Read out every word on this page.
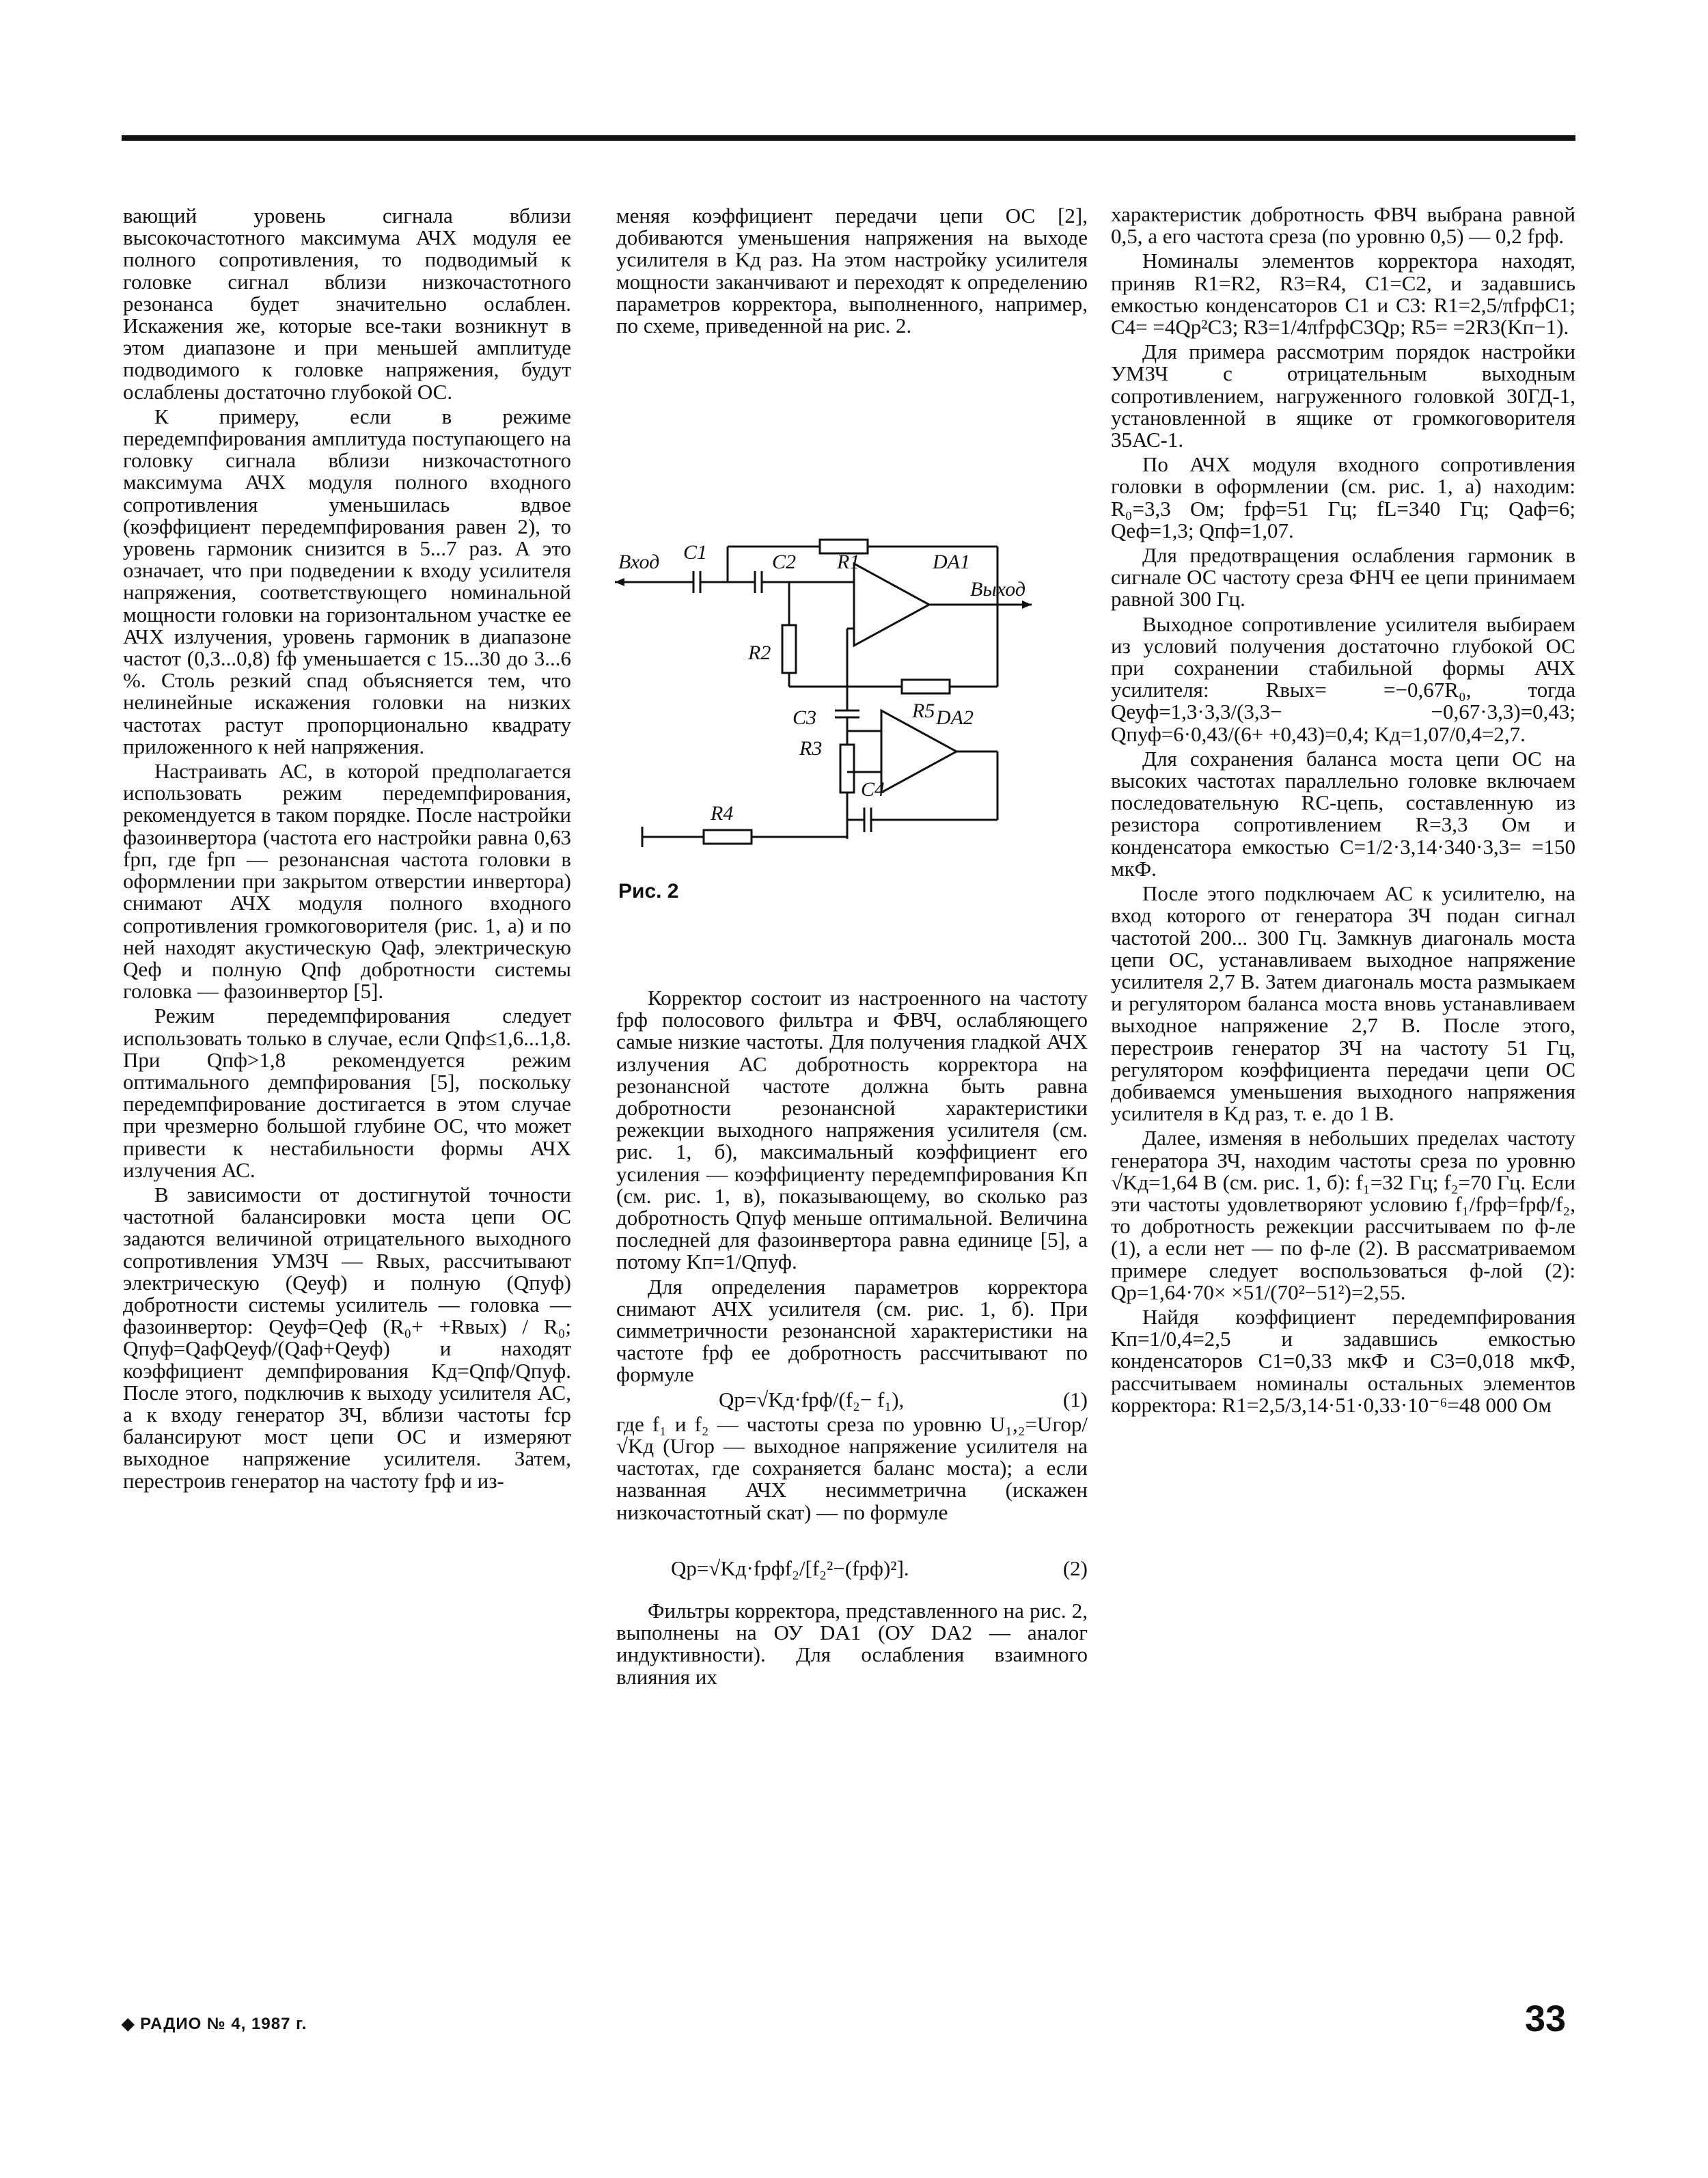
вающий уровень сигнала вблизи высокочастотного максимума АЧХ модуля ее полного сопротивления, то подводимый к головке сигнал вблизи низкочастотного резонанса будет значительно ослаблен. Искажения же, которые все-таки возникнут в этом диапазоне и при меньшей амплитуде подводимого к головке напряжения, будут ослаблены достаточно глубокой ОС.

К примеру, если в режиме передемпфирования амплитуда поступающего на головку сигнала вблизи низкочастотного максимума АЧХ модуля полного входного сопротивления уменьшилась вдвое (коэффициент передемпфирования равен 2), то уровень гармоник снизится в 5...7 раз. А это означает, что при подведении к входу усилителя напряжения, соответствующего номинальной мощности головки на горизонтальном участке ее АЧХ излучения, уровень гармоник в диапазоне частот (0,3...0,8) fф уменьшается с 15...30 до 3...6 %. Столь резкий спад объясняется тем, что нелинейные искажения головки на низких частотах растут пропорционально квадрату приложенного к ней напряжения.

Настраивать АС, в которой предполагается использовать режим передемпфирования, рекомендуется в таком порядке. После настройки фазоинвертора (частота его настройки равна 0,63 fрп, где fрп — резонансная частота головки в оформлении при закрытом отверстии инвертора) снимают АЧХ модуля полного входного сопротивления громкоговорителя (рис. 1, а) и по ней находят акустическую Qаф, электрическую Qеф и полную Qпф добротности системы головка — фазоинвертор [5].

Режим передемпфирования следует использовать только в случае, если Qпф≤1,6...1,8. При Qпф>1,8 рекомендуется режим оптимального демпфирования [5], поскольку передемпфирование достигается в этом случае при чрезмерно большой глубине ОС, что может привести к нестабильности формы АЧХ излучения АС.

В зависимости от достигнутой точности частотной балансировки моста цепи ОС задаются величиной отрицательного выходного сопротивления УМЗЧ — Rвых, рассчитывают электрическую (Qеуф) и полную (Qпуф) добротности системы усилитель — головка — фазоинвертор: Qеуф=Qеф (R₀+ +Rвых) / R₀; Qпуф=QафQеуф/(Qаф+Qеуф) и находят коэффициент демпфирования Kд=Qпф/Qпуф. После этого, подключив к выходу усилителя АС, а к входу генератор ЗЧ, вблизи частоты fср балансируют мост цепи ОС и измеряют выходное напряжение усилителя. Затем, перестроив генератор на частоту fрф и из-

меняя коэффициент передачи цепи ОС [2], добиваются уменьшения напряжения на выходе усилителя в Kд раз. На этом настройку усилителя мощности заканчивают и переходят к определению параметров корректора, выполненного, например, по схеме, приведенной на рис. 2.

Вход
Выход
C1	C2 R1	DA1
R2
C3	R5 DA2
R3
C4
R4
Рис. 2

Корректор состоит из настроенного на частоту fрф полосового фильтра и ФВЧ, ослабляющего самые низкие частоты. Для получения гладкой АЧХ излучения АС добротность корректора на резонансной частоте должна быть равна добротности резонансной характеристики режекции выходного напряжения усилителя (см. рис. 1, б), максимальный коэффициент его усиления — коэффициенту передемпфирования Kп (см. рис. 1, в), показывающему, во сколько раз добротность Qпуф меньше оптимальной. Величина последней для фазоинвертора равна единице [5], а потому Kп=1/Qпуф.

Для определения параметров корректора снимают АЧХ усилителя (см. рис. 1, б). При симметричности резонансной характеристики на частоте fрф ее добротность рассчитывают по формуле

Qр=√Kд·fрф/(f₂− f₁),	(1)

где f₁ и f₂ — частоты среза по уровню U₁,₂=Uгор/√Kд (Uгор — выходное напряжение усилителя на частотах, где сохраняется баланс моста); а если названная АЧХ несимметрична (искажен низкочастотный скат) — по формуле

Qр=√Kд·fрфf₂/[f₂²−(fрф)²].	(2)

Фильтры корректора, представленного на рис. 2, выполнены на ОУ DA1 (ОУ DA2 — аналог индуктивности). Для ослабления взаимного влияния их

характеристик добротность ФВЧ выбрана равной 0,5, а его частота среза (по уровню 0,5) — 0,2 fрф.

Номиналы элементов корректора находят, приняв R1=R2, R3=R4, C1=C2, и задавшись емкостью конденсаторов C1 и C3: R1=2,5/πfрфC1; C4= =4Qр²C3; R3=1/4πfрфC3Qр; R5= =2R3(Kп−1).

Для примера рассмотрим порядок настройки УМЗЧ с отрицательным выходным сопротивлением, нагруженного головкой 30ГД-1, установленной в ящике от громкоговорителя 35АС-1.

По АЧХ модуля входного сопротивления головки в оформлении (см. рис. 1, а) находим: R₀=3,3 Ом; fрф=51 Гц; fL=340 Гц; Qаф=6; Qеф=1,3; Qпф=1,07.

Для предотвращения ослабления гармоник в сигнале ОС частоту среза ФНЧ ее цепи принимаем равной 300 Гц.

Выходное сопротивление усилителя выбираем из условий получения достаточно глубокой ОС при сохранении стабильной формы АЧХ усилителя: Rвых= =−0,67R₀, тогда Qеуф=1,3·3,3/(3,3− −0,67·3,3)=0,43; Qпуф=6·0,43/(6+ +0,43)=0,4; Kд=1,07/0,4=2,7.

Для сохранения баланса моста цепи ОС на высоких частотах параллельно головке включаем последовательную RC-цепь, составленную из резистора сопротивлением R=3,3 Ом и конденсатора емкостью C=1/2·3,14·340·3,3= =150 мкФ.

После этого подключаем АС к усилителю, на вход которого от генератора ЗЧ подан сигнал частотой 200... 300 Гц. Замкнув диагональ моста цепи ОС, устанавливаем выходное напряжение усилителя 2,7 В. Затем диагональ моста размыкаем и регулятором баланса моста вновь устанавливаем выходное напряжение 2,7 В. После этого, перестроив генератор ЗЧ на частоту 51 Гц, регулятором коэффициента передачи цепи ОС добиваемся уменьшения выходного напряжения усилителя в Kд раз, т. е. до 1 В.

Далее, изменяя в небольших пределах частоту генератора ЗЧ, находим частоты среза по уровню √Kд=1,64 В (см. рис. 1, б): f₁=32 Гц; f₂=70 Гц. Если эти частоты удовлетворяют условию f₁/fрф=fрф/f₂, то добротность режекции рассчитываем по ф-ле (1), а если нет — по ф-ле (2). В рассматриваемом примере следует воспользоваться ф-лой (2): Qр=1,64·70× ×51/(70²−51²)=2,55.

Найдя коэффициент передемпфирования Kп=1/0,4=2,5 и задавшись емкостью конденсаторов C1=0,33 мкФ и C3=0,018 мкФ, рассчитываем номиналы остальных элементов корректора: R1=2,5/3,14·51·0,33·10⁻⁶=48 000 Ом

◆ РАДИО № 4, 1987 г.	33
